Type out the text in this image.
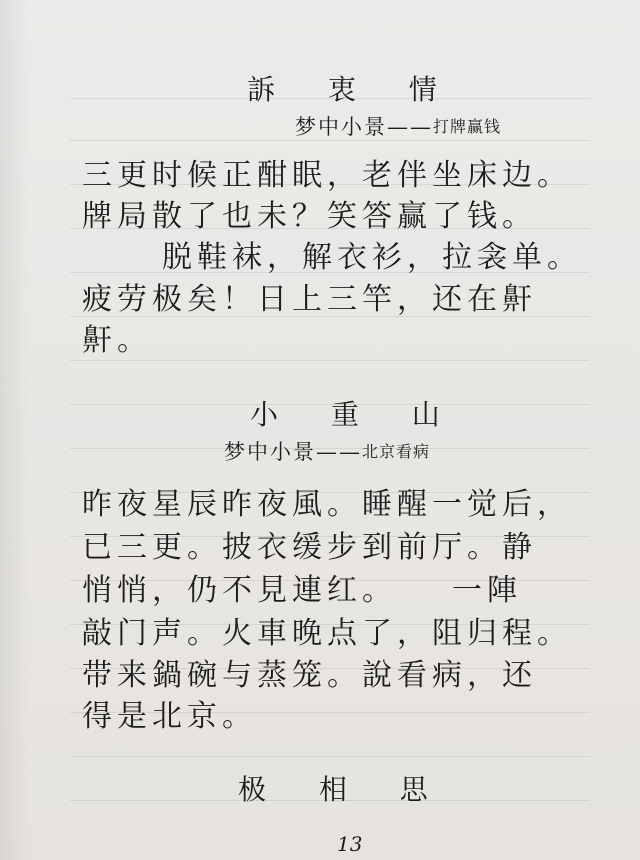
訴 衷 情
梦中小景—— 打牌赢钱
三更时候正酣眠，老伴坐床边。
牌局散了也未？笑答赢了钱。
脱鞋袜，解衣衫，拉衾单。
疲劳极矣！日上三竿，还在鼾
鼾。
小 重 山
梦中小景—— 北京看病
昨夜星辰昨夜風。睡醒一觉后，
已三更。披衣缓步到前厅。静
悄悄，仍不見連红。　　一陣
敲门声。火車晚点了，阻归程。
带来鍋碗与蒸笼。說看病，还
得是北京。
极 相 思
13
